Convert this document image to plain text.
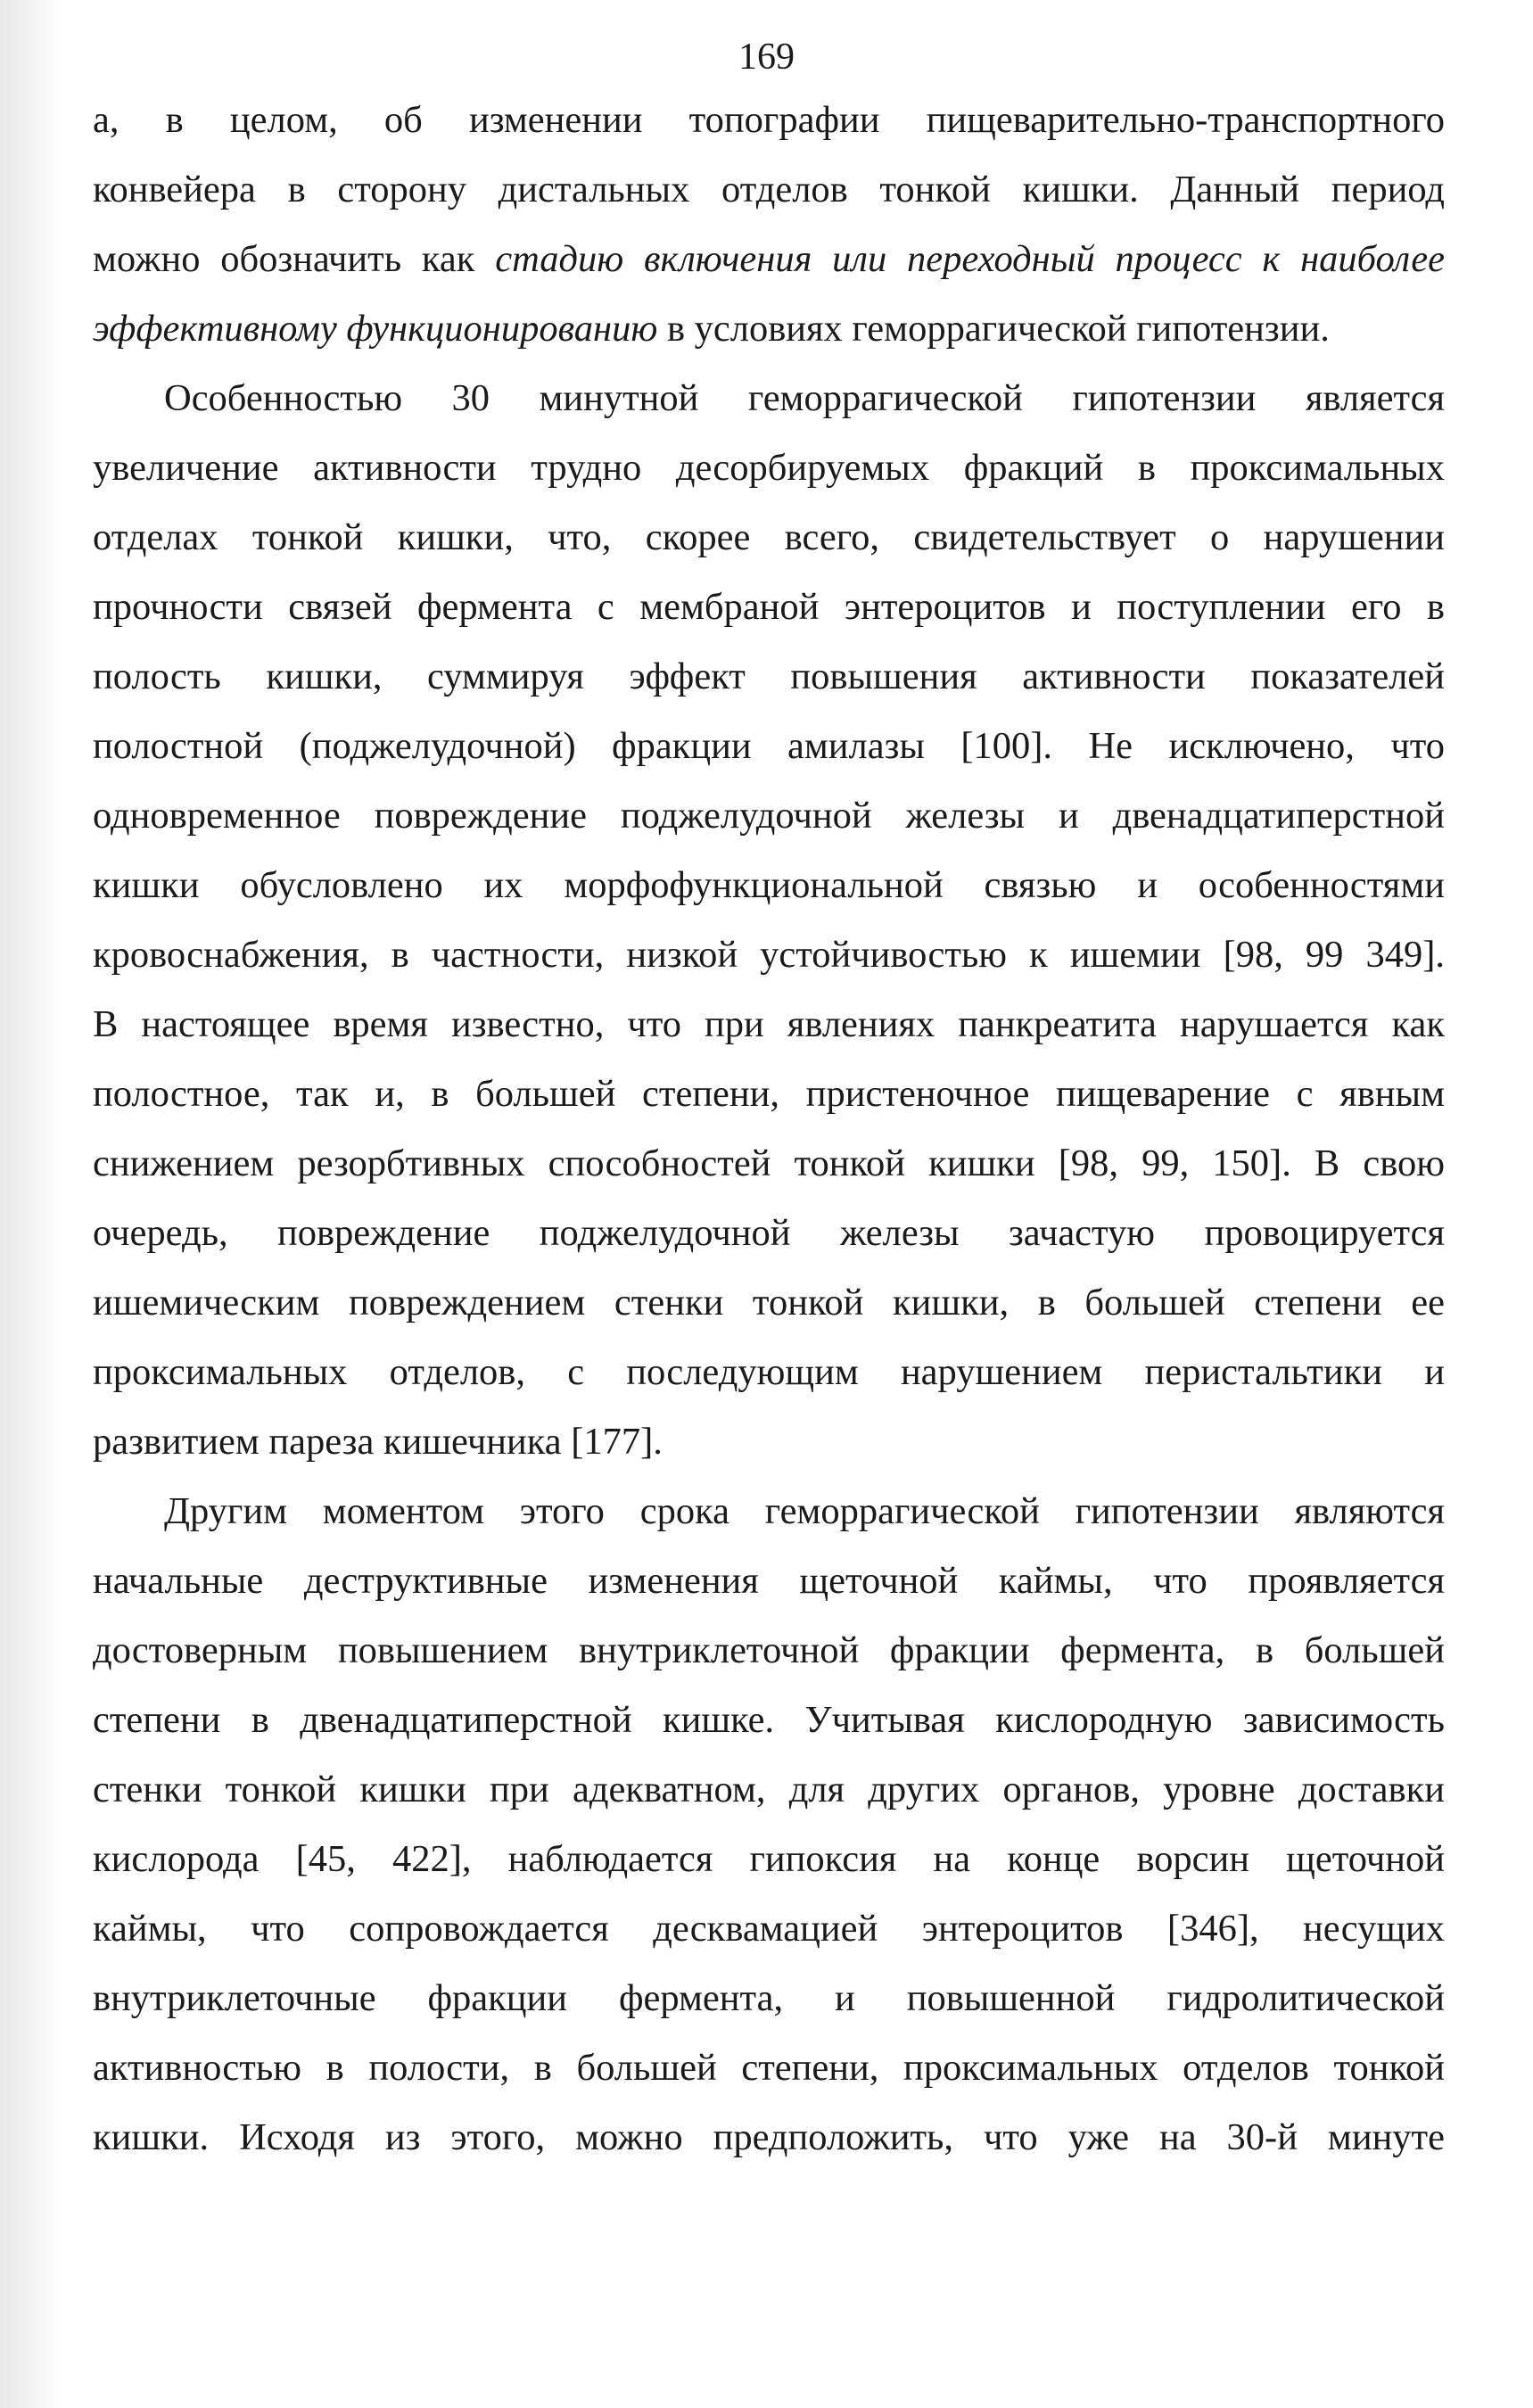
169

а, в целом, об изменении топографии пищеварительно-транспортного
конвейера в сторону дистальных отделов тонкой кишки. Данный период
можно обозначить как стадию включения или переходный процесс к наиболее
эффективному функционированию в условиях геморрагической гипотензии.

Особенностью 30 минутной геморрагической гипотензии является
увеличение активности трудно десорбируемых фракций в проксимальных
отделах тонкой кишки, что, скорее всего, свидетельствует о нарушении
прочности связей фермента с мембраной энтероцитов и поступлении его в
полость кишки, суммируя эффект повышения активности показателей
полостной (поджелудочной) фракции амилазы [100]. Не исключено, что
одновременное повреждение поджелудочной железы и двенадцатиперстной
кишки обусловлено их морфофункциональной связью и особенностями
кровоснабжения, в частности, низкой устойчивостью к ишемии [98, 99 349].
В настоящее время известно, что при явлениях панкреатита нарушается как
полостное, так и, в большей степени, пристеночное пищеварение с явным
снижением резорбтивных способностей тонкой кишки [98, 99, 150]. В свою
очередь, повреждение поджелудочной железы зачастую провоцируется
ишемическим повреждением стенки тонкой кишки, в большей степени ее
проксимальных отделов, с последующим нарушением перистальтики и
развитием пареза кишечника [177].

Другим моментом этого срока геморрагической гипотензии являются
начальные деструктивные изменения щеточной каймы, что проявляется
достоверным повышением внутриклеточной фракции фермента, в большей
степени в двенадцатиперстной кишке. Учитывая кислородную зависимость
стенки тонкой кишки при адекватном, для других органов, уровне доставки
кислорода [45, 422], наблюдается гипоксия на конце ворсин щеточной
каймы, что сопровождается десквамацией энтероцитов [346], несущих
внутриклеточные фракции фермента, и повышенной гидролитической
активностью в полости, в большей степени, проксимальных отделов тонкой
кишки. Исходя из этого, можно предположить, что уже на 30-й минуте
